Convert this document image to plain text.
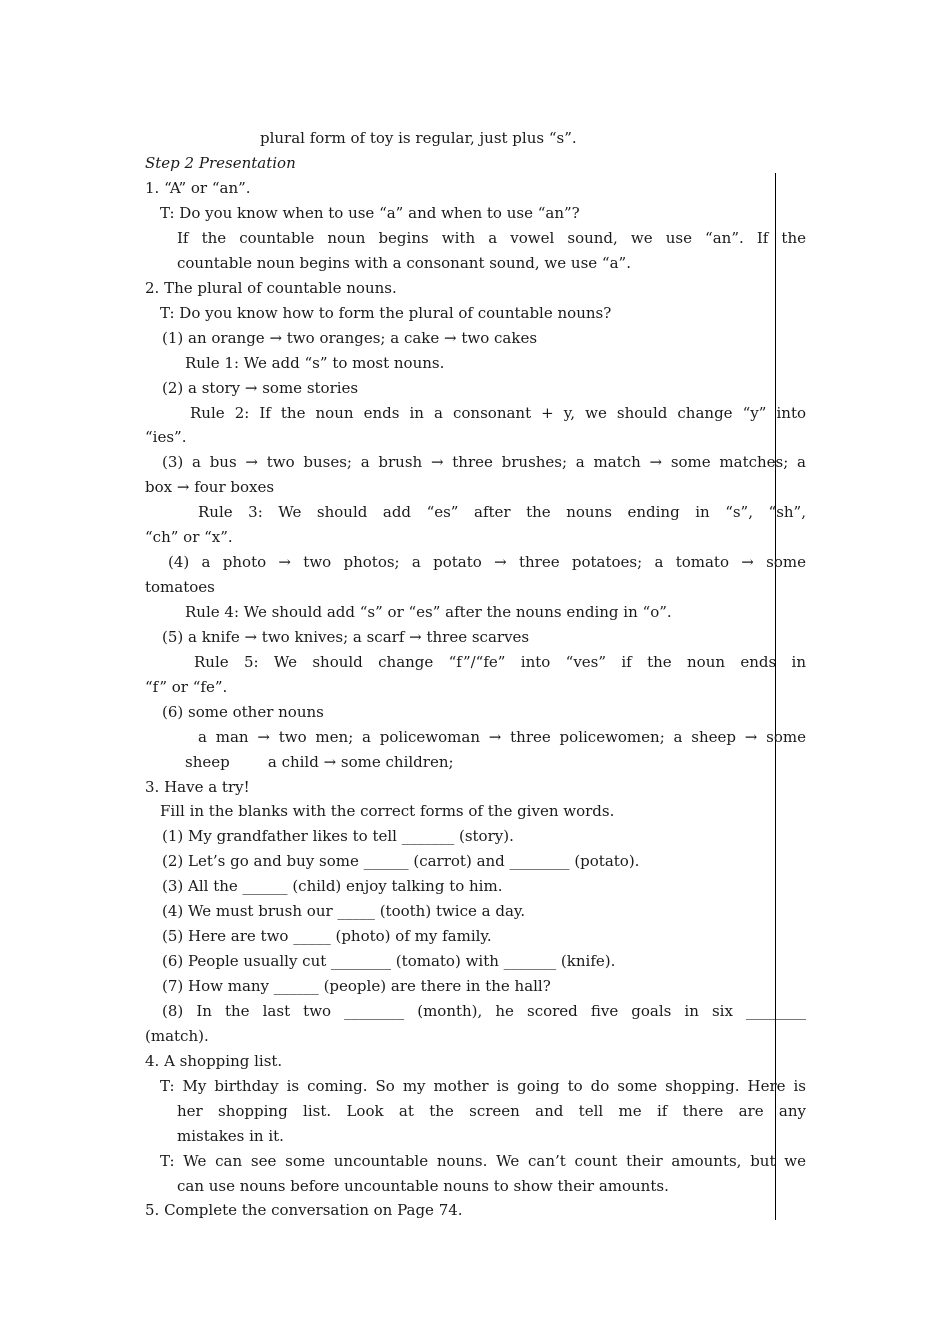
plural form of toy is regular, just plus “s”.
Step 2 Presentation
1. “A” or “an”.
T: Do you know when to use “a” and when to use “an”?
If the countable noun begins with a vowel sound, we use “an”. If the
countable noun begins with a consonant sound, we use “a”.
2. The plural of countable nouns.
T: Do you know how to form the plural of countable nouns?
(1) an orange → two oranges; a cake → two cakes
Rule 1: We add “s” to most nouns.
(2) a story → some stories
Rule 2: If the noun ends in a consonant + y, we should change “y” into
“ies”.
(3) a bus → two buses; a brush → three brushes; a match → some matches; a
box → four boxes
Rule 3: We should add “es” after the nouns ending in “s”, “sh”,
“ch” or “x”.
(4) a photo → two photos; a potato → three potatoes; a tomato → some
tomatoes
Rule 4: We should add “s” or “es” after the nouns ending in “o”.
(5) a knife → two knives; a scarf → three scarves
Rule 5: We should change “f”/“fe” into “ves” if the noun ends in
“f” or “fe”.
(6) some other nouns
a man → two men; a policewoman → three policewomen; a sheep → some
sheep        a child → some children;
3. Have a try!
Fill in the blanks with the correct forms of the given words.
(1) My grandfather likes to tell _______ (story).
(2) Let’s go and buy some ______ (carrot) and ________ (potato).
(3) All the ______ (child) enjoy talking to him.
(4) We must brush our _____ (tooth) twice a day.
(5) Here are two _____ (photo) of my family.
(6) People usually cut ________ (tomato) with _______ (knife).
(7) How many ______ (people) are there in the hall?
(8) In the last two ________ (month), he scored five goals in six ________
(match).
4. A shopping list.
T: My birthday is coming. So my mother is going to do some shopping. Here is
her shopping list. Look at the screen and tell me if there are any
mistakes in it.
T: We can see some uncountable nouns. We can’t count their amounts, but we
can use nouns before uncountable nouns to show their amounts.
5. Complete the conversation on Page 74.
